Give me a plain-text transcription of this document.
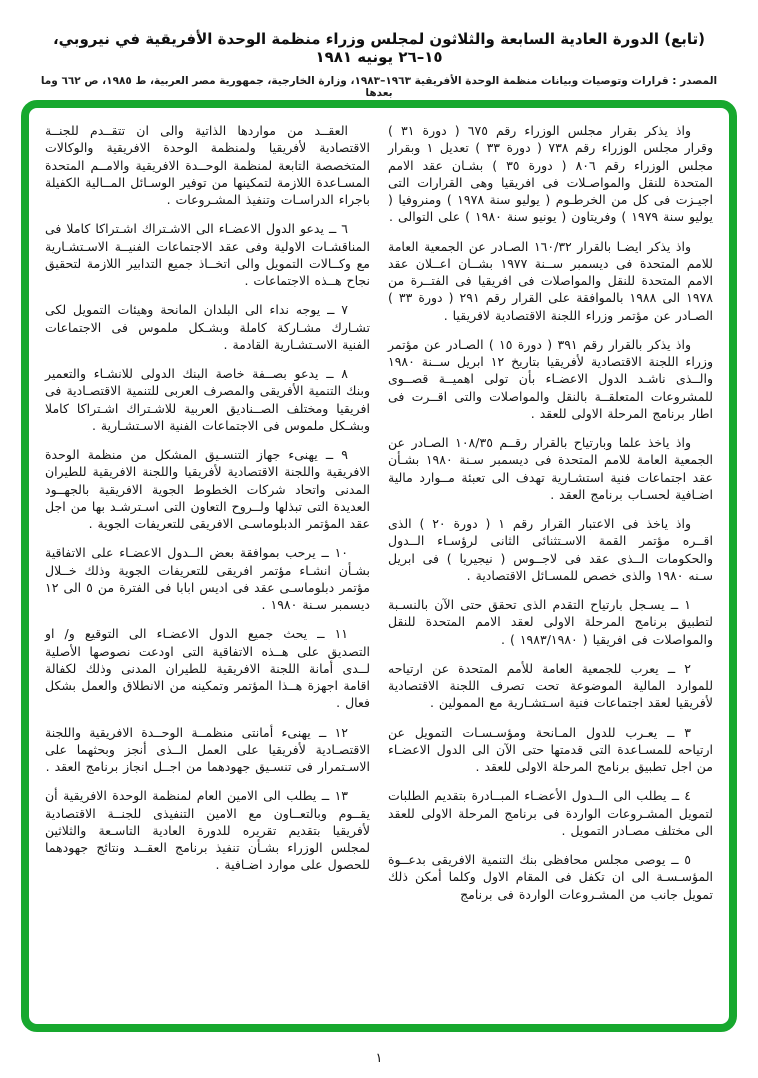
(تابع) الدورة العادية السابعة والثلاثون لمجلس وزراء منظمة الوحدة الأفريقية في نيروبي، ١٥–٢٦ يونيه ١٩٨١
المصدر : قرارات وتوصيات وبيانات منظمة الوحدة الأفريقية ١٩٦٣–١٩٨٣، وزارة الخارجية، جمهورية مصر العربية، ط ١٩٨٥، ص ٦٦٢ وما بعدها

واذ يذكر بقرار مجلس الوزراء رقم ٦٧٥ ( دورة ٣١ ) وقرار مجلس الوزراء رقم ٧٣٨ ( دورة ٣٣ ) تعديل ١ وبقرار مجلس الوزراء رقم ٨٠٦ ( دورة ٣٥ ) بشـان عقد الامم المتحدة للنقل والمواصـلات فى افريقيا وهى القرارات التى اجيـزت فى كل من الخرطـوم ( يوليو سنة ١٩٧٨ ) ومنروفيا ( يوليو سنة ١٩٧٩ ) وفريتاون ( يونيو سنة ١٩٨٠ ) على التوالى .

واذ يذكر ايضـا بالقرار ١٦٠/٣٢ الصـادر عن الجمعية العامة للامم المتحدة فى ديسمبر ســنة ١٩٧٧ بشــان اعــلان عقد الامم المتحدة للنقل والمواصلات فى افريقيا فى الفتــرة من ١٩٧٨ الى ١٩٨٨ بالموافقة على القرار رقم ٢٩١ ( دورة ٣٣ ) الصـادر عن مؤتمر وزراء اللجنة الاقتصادية لافريقيا .

واذ يذكر بالقرار رقم ٣٩١ ( دورة ١٥ ) الصـادر عن مؤتمر وزراء اللجنة الاقتصادية لأفريقيا بتاريخ ١٢ ابريل ســنة ١٩٨٠ والــذى ناشـد الدول الاعضـاء بأن تولى اهميــة قصــوى للمشروعات المتعلقــة بالنقل والمواصلات والتى اقــرت فى اطار برنامج المرحلة الاولى للعقد .

واذ ياخذ علما وبارتياح بالقرار رقــم ١٠٨/٣٥ الصـادر عن الجمعية العامة للامم المتحدة فى ديسمبر سـنة ١٩٨٠ بشـأن عقد اجتماعات فنية استشـارية تهدف الى تعبئة مــوارد مالية اضـافية لحسـاب برنامج العقد .

واذ ياخذ فى الاعتبار القرار رقم ١ ( دورة ٢٠ ) الذى اقــره مؤتمر القمة الاسـتثنائى الثانى لرؤسـاء الــدول والحكومات الــذى عقد فى لاجــوس ( نيجيريا ) فى ابريل سـنه ١٩٨٠ والذى خصص للمسـائل الاقتصادية .

١ ــ يسـجل بارتياح التقدم الذى تحقق حتى الآن بالنسـبة لتطبيق برنامج المرحلة الاولى لعقد الامم المتحدة للنقل والمواصلات فى افريقيا ( ١٩٨٣/١٩٨٠ ) .

٢ ــ يعرب للجمعية العامة للأمم المتحدة عن ارتياحه للموارد المالية الموضوعة تحت تصرف اللجنة الاقتصادية لأفريقيا لعقد اجتماعات فنية اسـتشـارية مع الممولين .

٣ ــ يعـرب للدول المـانحة ومؤسـسـات التمويل عن ارتياحه للمسـاعدة التى قدمتها حتى الآن الى الدول الاعضـاء من اجل تطبيق برنامج المرحلة الاولى للعقد .

٤ ــ يطلب الى الــدول الأعضـاء المبــادرة بتقديم الطلبات لتمويل المشـروعات الواردة فى برنامج المرحلة الاولى للعقد الى مختلف مصـادر التمويل .

٥ ــ يوصى مجلس محافظى بنك التنمية الافريقى بدعــوة المؤسـسـة الى ان تكفل فى المقام الاول وكلما أمكن ذلك تمويل جانب من المشـروعات الواردة فى برنامج

العقــد من مواردها الذاتية والى ان تتقــدم للجنــة الاقتصادية لأفريقيا ولمنظمة الوحدة الافريقية والوكالات المتخصصة التابعة لمنظمة الوحــدة الافريقية والامــم المتحدة المسـاعدة اللازمة لتمكينها من توفير الوسـائل المــالية الكفيلة باجراء الدراسـات وتنفيذ المشـروعات .

٦ ــ يدعو الدول الاعضـاء الى الاشـتراك اشـتراكا كاملا فى المناقشـات الاولية وفى عقد الاجتماعات الفنيــة الاسـتشـارية مع وكــالات التمويل والى اتخــاذ جميع التدابير اللازمة لتحقيق نجاح هــذه الاجتماعات .

٧ ــ يوجه نداء الى البلدان المانحة وهيئات التمويل لكى تشـارك مشـاركة كاملة وبشـكل ملموس فى الاجتماعات الفنية الاسـتشـارية القادمة .

٨ ــ يدعو بصــفة خاصة البنك الدولى للانشـاء والتعمير وبنك التنمية الأفريقى والمصرف العربى للتنمية الاقتصـادية فى افريقيا ومختلف الصــناديق العربية للاشـتراك اشـتراكا كاملا وبشـكل ملموس فى الاجتماعات الفنية الاسـتشـارية .

٩ ــ يهنىء جهاز التنسـيق المشكل من منظمة الوحدة الافريقية واللجنة الاقتصادية لأفريقيا واللجنة الافريقية للطيران المدنى واتحاد شركات الخطوط الجوية الافريقية بالجهــود العديدة التى تبذلها ولــروح التعاون التى اسـترشـد بها من اجل عقد المؤتمر الدبلوماسـى الافريقى للتعريفات الجوية .

١٠ ــ يرحب بموافقة بعض الــدول الاعضـاء على الاتفاقية بشـأن انشـاء مؤتمر افريقى للتعريفات الجوية وذلك خــلال مؤتمر دبلوماسـى عقد فى اديس ابابا فى الفترة من ٥ الى ١٢ ديسمبر سـنة ١٩٨٠ .

١١ ــ يحث جميع الدول الاعضـاء الى التوقيع و/ او التصديق على هــذه الاتفاقية التى اودعت نصوصها الأصلية لــدى أمانة اللجنة الافريقية للطيران المدنى وذلك لكفالة اقامة اجهزة هــذا المؤتمر وتمكينه من الانطلاق والعمل بشكل فعال .

١٢ ــ يهنىء أمانتى منظمــة الوحــدة الافريقية واللجنة الاقتصـادية لأفريقيا على العمل الــذى أنجز وبحثهما على الاسـتمرار فى تنسـيق جهودهما من اجــل انجاز برنامج العقد .

١٣ ــ يطلب الى الامين العام لمنظمة الوحدة الافريقية أن يقــوم وبالتعــاون مع الامين التنفيذى للجنــة الاقتصادية لأفريقيا بتقديم تقريره للدورة العادية التاسـعة والثلاثين لمجلس الوزراء بشـأن تنفيذ برنامج العقــد ونتائج جهودهما للحصول على موارد اضـافية .

١
